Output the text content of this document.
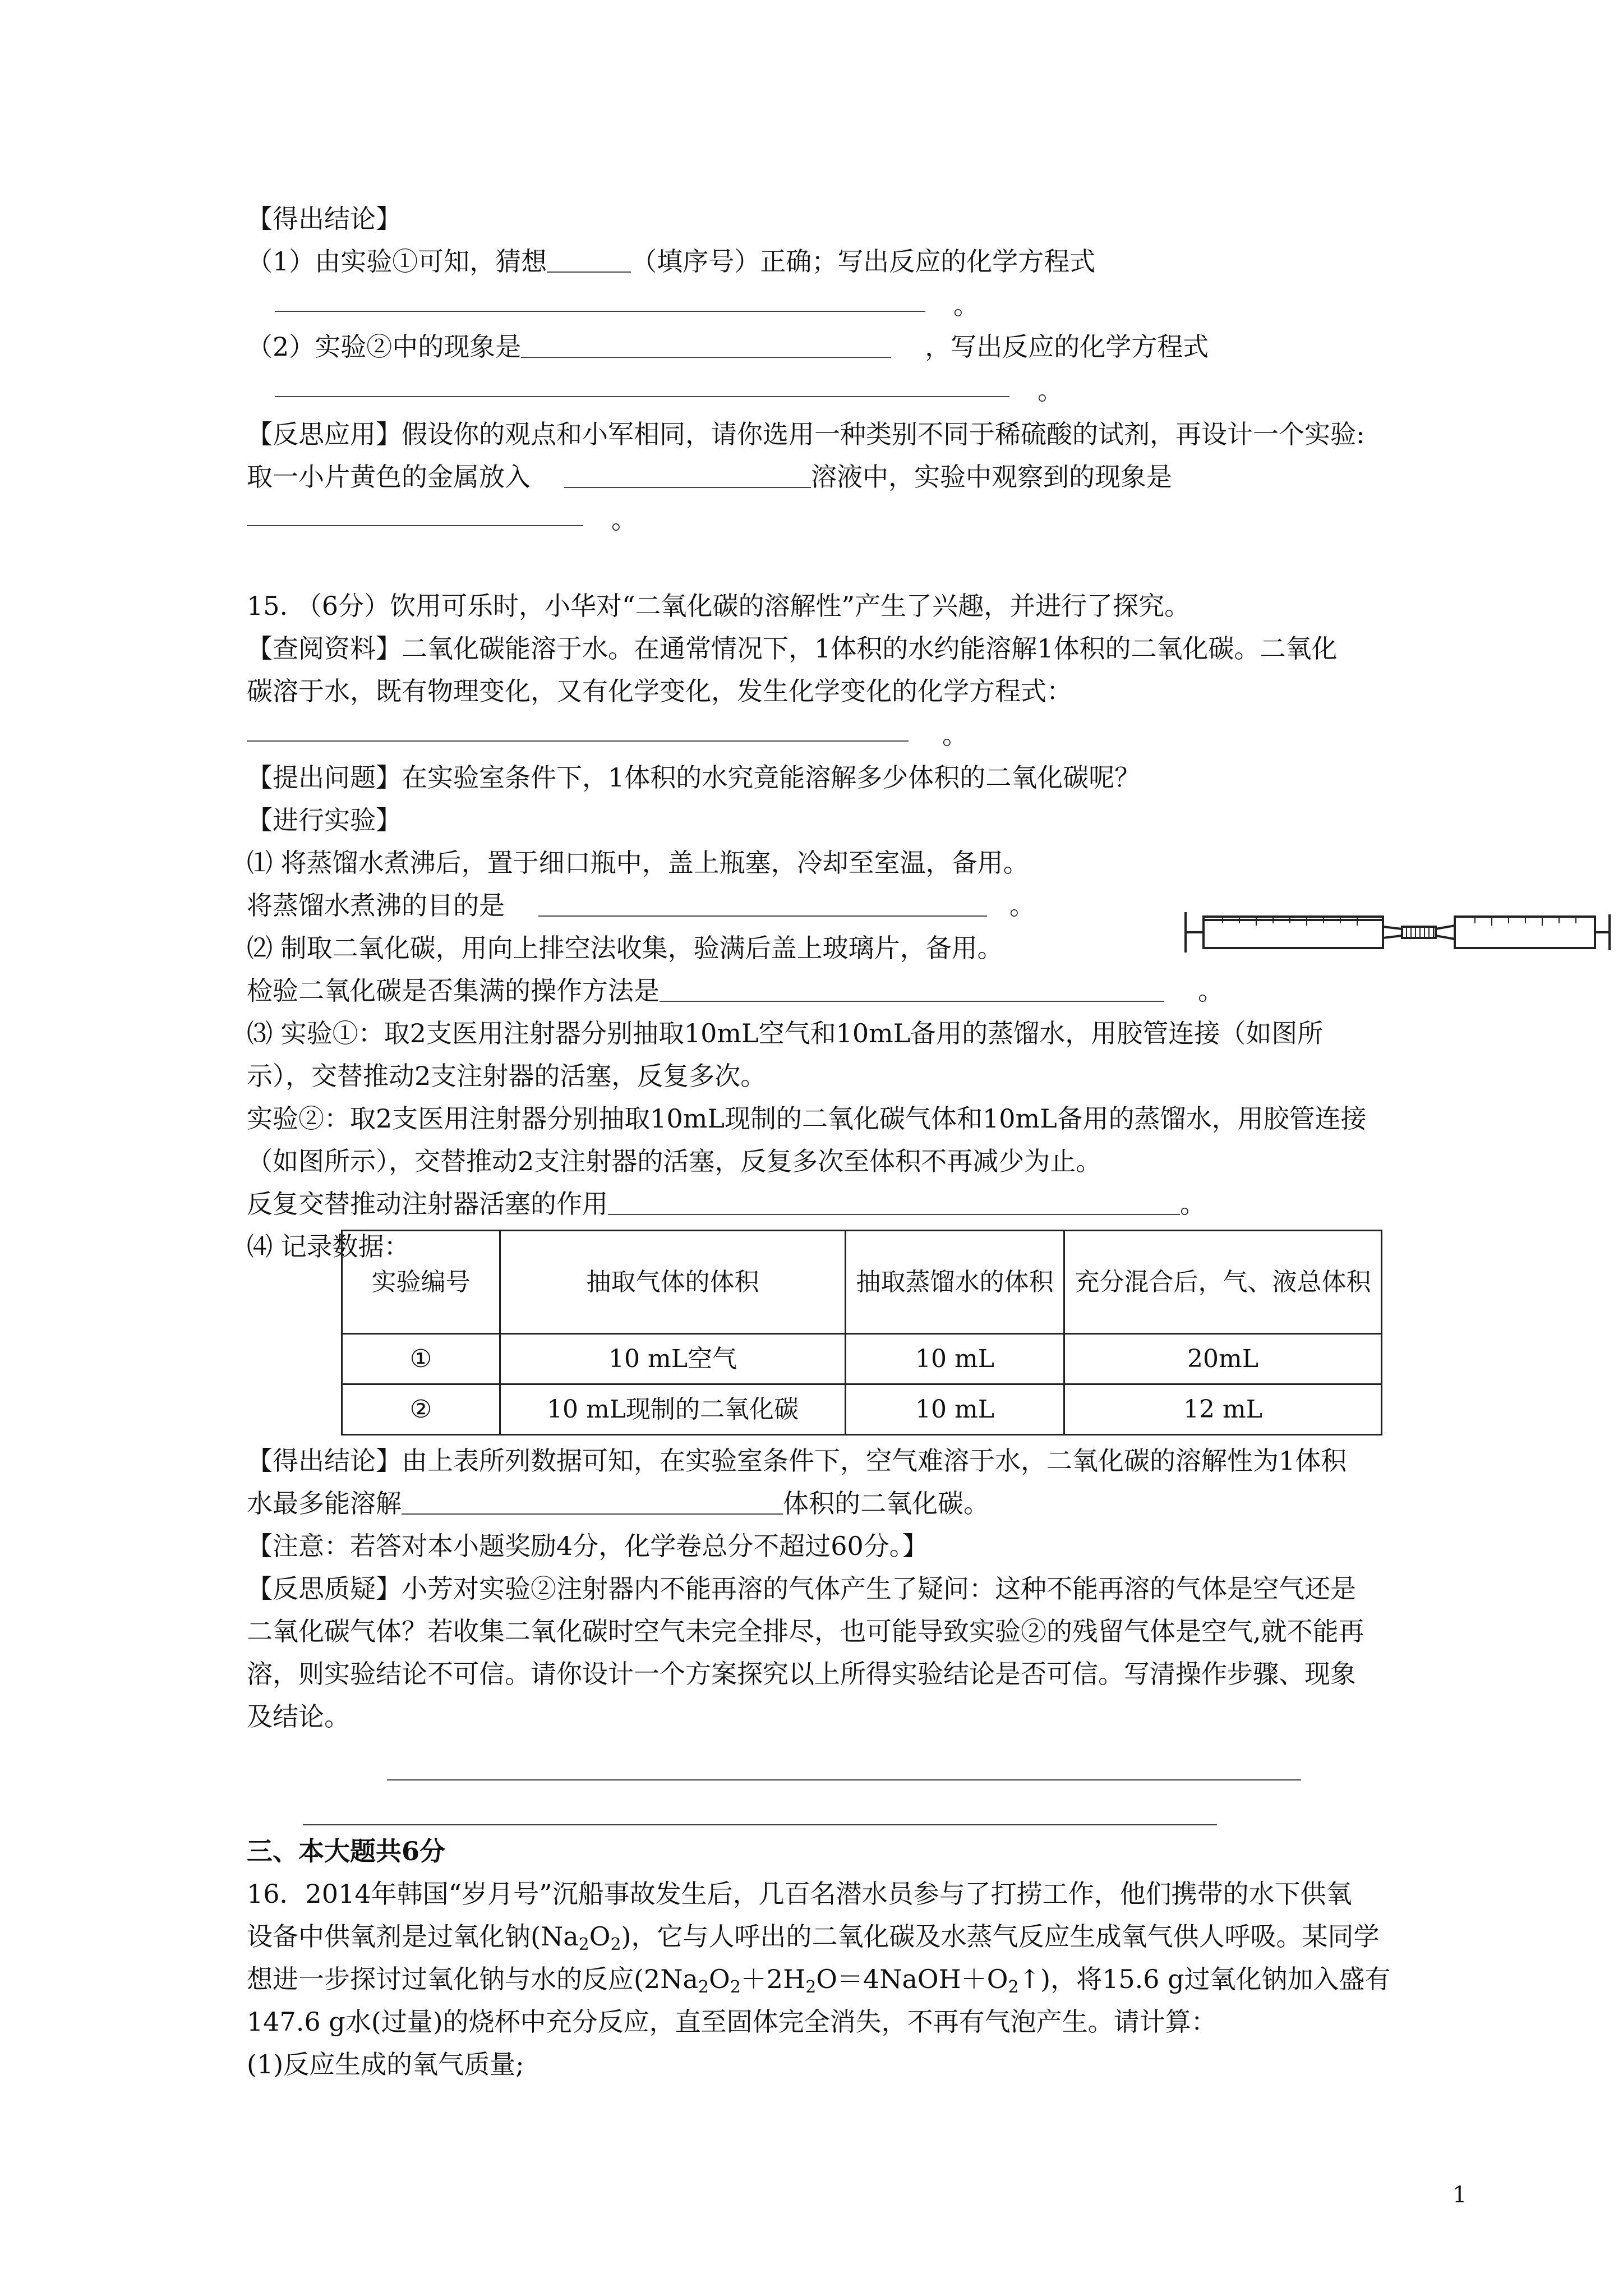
【得出结论】
（1）由实验①可知，猜想	（填序号）正确；写出反应的化学方程式
。
（2）实验②中的现象是	，写出反应的化学方程式
。
【反思应用】假设你的观点和小军相同，请你选用一种类别不同于稀硫酸的试剂，再设计一个实验:
取一小片黄色的金属放入	溶液中，实验中观察到的现象是
。
15. （6分）饮用可乐时，小华对“二氧化碳的溶解性”产生了兴趣，并进行了探究。
【查阅资料】二氧化碳能溶于水。在通常情况下，1体积的水约能溶解1体积的二氧化碳。二氧化
碳溶于水，既有物理变化，又有化学变化，发生化学变化的化学方程式：
。
【提出问题】在实验室条件下，1体积的水究竟能溶解多少体积的二氧化碳呢？
【进行实验】
⑴ 将蒸馏水煮沸后，置于细口瓶中，盖上瓶塞，冷却至室温，备用。
将蒸馏水煮沸的目的是	。
⑵ 制取二氧化碳，用向上排空法收集，验满后盖上玻璃片，备用。
检验二氧化碳是否集满的操作方法是	。
⑶ 实验①：取2支医用注射器分别抽取10mL空气和10mL备用的蒸馏水，用胶管连接（如图所
示），交替推动2支注射器的活塞，反复多次。
实验②：取2支医用注射器分别抽取10mL现制的二氧化碳气体和10mL备用的蒸馏水，用胶管连接
（如图所示），交替推动2支注射器的活塞，反复多次至体积不再减少为止。
反复交替推动注射器活塞的作用	。
⑷ 记录数据：
实验编号	抽取气体的体积	抽取蒸馏水的体积	充分混合后，气、液总体积
①	10 mL空气	10 mL	20mL
②	10 mL现制的二氧化碳	10 mL	12 mL
【得出结论】由上表所列数据可知，在实验室条件下，空气难溶于水，二氧化碳的溶解性为1体积
水最多能溶解	体积的二氧化碳。
【注意：若答对本小题奖励4分，化学卷总分不超过60分。】
【反思质疑】小芳对实验②注射器内不能再溶的气体产生了疑问：这种不能再溶的气体是空气还是
二氧化碳气体？若收集二氧化碳时空气未完全排尽，也可能导致实验②的残留气体是空气,就不能再
溶，则实验结论不可信。请你设计一个方案探究以上所得实验结论是否可信。写清操作步骤、现象
及结论。
三、本大题共6分
16．2014年韩国“岁月号”沉船事故发生后，几百名潜水员参与了打捞工作，他们携带的水下供氧
设备中供氧剂是过氧化钠$(Na_2O_2)$，它与人呼出的二氧化碳及水蒸气反应生成氧气供人呼吸。某同学
想进一步探讨过氧化钠与水的反应$(2Na_2O_2+2H_2O=4NaOH+O_2↑)$，将15.6 g过氧化钠加入盛有
147.6 g水(过量)的烧杯中充分反应，直至固体完全消失，不再有气泡产生。请计算：
(1)反应生成的氧气质量;
1
